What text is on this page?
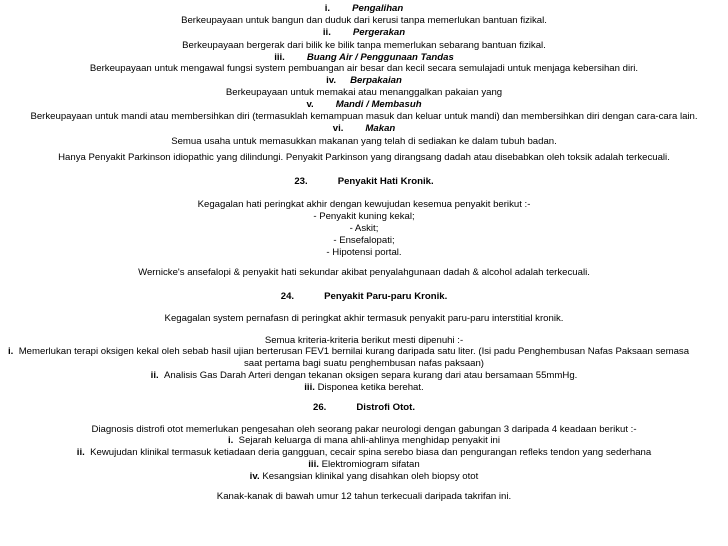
i. Pengalihan
Berkeupayaan untuk bangun dan duduk dari kerusi tanpa memerlukan bantuan fizikal.
ii. Pergerakan
Berkeupayaan bergerak dari bilik ke bilik tanpa memerlukan sebarang bantuan fizikal.
iii. Buang Air / Penggunaan Tandas
Berkeupayaan untuk mengawal fungsi system pembuangan air besar dan kecil secara semulajadi untuk menjaga kebersihan diri.
iv. Berpakaian
Berkeupayaan untuk memakai atau menanggalkan pakaian yang
v. Mandi / Membasuh
Berkeupayaan untuk mandi atau membersihkan diri (termasuklah kemampuan masuk dan keluar untuk mandi) dan membersihkan diri dengan cara-cara lain.
vi. Makan
Semua usaha untuk memasukkan makanan yang telah di sediakan ke dalam tubuh badan.
Hanya Penyakit Parkinson idiopathic yang dilindungi. Penyakit Parkinson yang dirangsang dadah atau disebabkan oleh toksik adalah terkecuali.
23.	Penyakit Hati Kronik.
Kegagalan hati peringkat akhir dengan kewujudan kesemua penyakit berikut :-
- Penyakit kuning kekal;
- Askit;
- Ensefalopati;
- Hipotensi portal.
Wernicke's ansefalopi & penyakit hati sekundar akibat penyalahgunaan dadah & alcohol adalah terkecuali.
24.	Penyakit Paru-paru Kronik.
Kegagalan system pernafasn di peringkat akhir termasuk penyakit paru-paru interstitial kronik.
Semua kriteria-kriteria berikut mesti dipenuhi :-
i. Memerlukan terapi oksigen kekal oleh sebab hasil ujian berterusan FEV1 bernilai kurang daripada satu liter. (Isi padu Penghembusan Nafas Paksaan semasa
saat pertama bagi suatu penghembusan nafas paksaan)
ii. Analisis Gas Darah Arteri dengan tekanan oksigen separa kurang dari atau bersamaan 55mmHg.
iii. Disponea ketika berehat.
26.	Distrofi Otot.
Diagnosis distrofi otot memerlukan pengesahan oleh seorang pakar neurologi dengan gabungan 3 daripada 4 keadaan berikut :-
i. Sejarah keluarga di mana ahli-ahlinya menghidap penyakit ini
ii. Kewujudan klinikal termasuk ketiadaan deria gangguan, cecair spina serebo biasa dan pengurangan refleks tendon yang sederhana
iii. Elektromiogram sifatan
iv. Kesangsian klinikal yang disahkan oleh biopsy otot
Kanak-kanak di bawah umur 12 tahun terkecuali daripada takrifan ini.
